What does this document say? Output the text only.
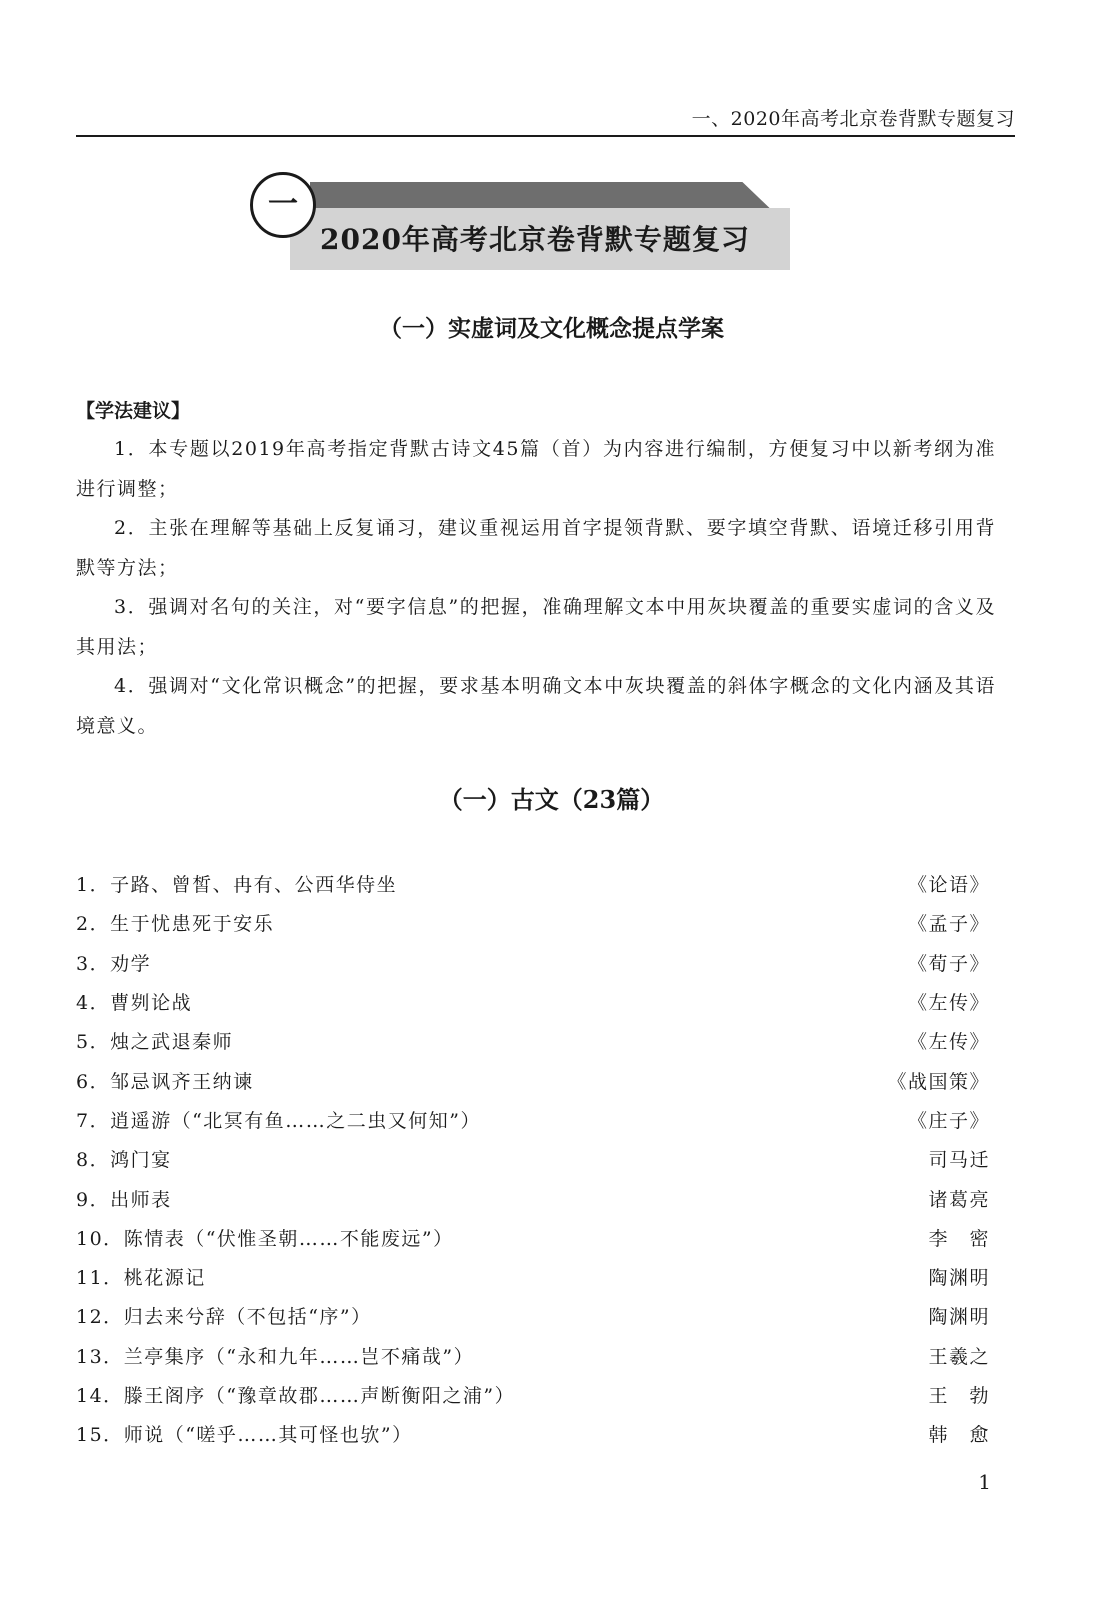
一、2020年高考北京卷背默专题复习
一
2020年高考北京卷背默专题复习
（一）实虚词及文化概念提点学案
【学法建议】

1．本专题以2019年高考指定背默古诗文45篇（首）为内容进行编制，方便复习中以新考纲为准进行调整；

2．主张在理解等基础上反复诵习，建议重视运用首字提领背默、要字填空背默、语境迁移引用背默等方法；

3．强调对名句的关注，对“要字信息”的把握，准确理解文本中用灰块覆盖的重要实虚词的含义及其用法；

4．强调对“文化常识概念”的把握，要求基本明确文本中灰块覆盖的斜体字概念的文化内涵及其语境意义。

（一）古文（23篇）
1．子路、曾皙、冉有、公西华侍坐	《论语》
2．生于忧患死于安乐	《孟子》
3．劝学	《荀子》
4．曹刿论战	《左传》
5．烛之武退秦师	《左传》
6．邹忌讽齐王纳谏	《战国策》
7．逍遥游（“北冥有鱼……之二虫又何知”）	《庄子》
8．鸿门宴	司马迁
9．出师表	诸葛亮
10．陈情表（“伏惟圣朝……不能废远”）	李　密
11．桃花源记	陶渊明
12．归去来兮辞（不包括“序”）	陶渊明
13．兰亭集序（“永和九年……岂不痛哉”）	王羲之
14．滕王阁序（“豫章故郡……声断衡阳之浦”）	王　勃
15．师说（“嗟乎……其可怪也欤”）	韩　愈
1
